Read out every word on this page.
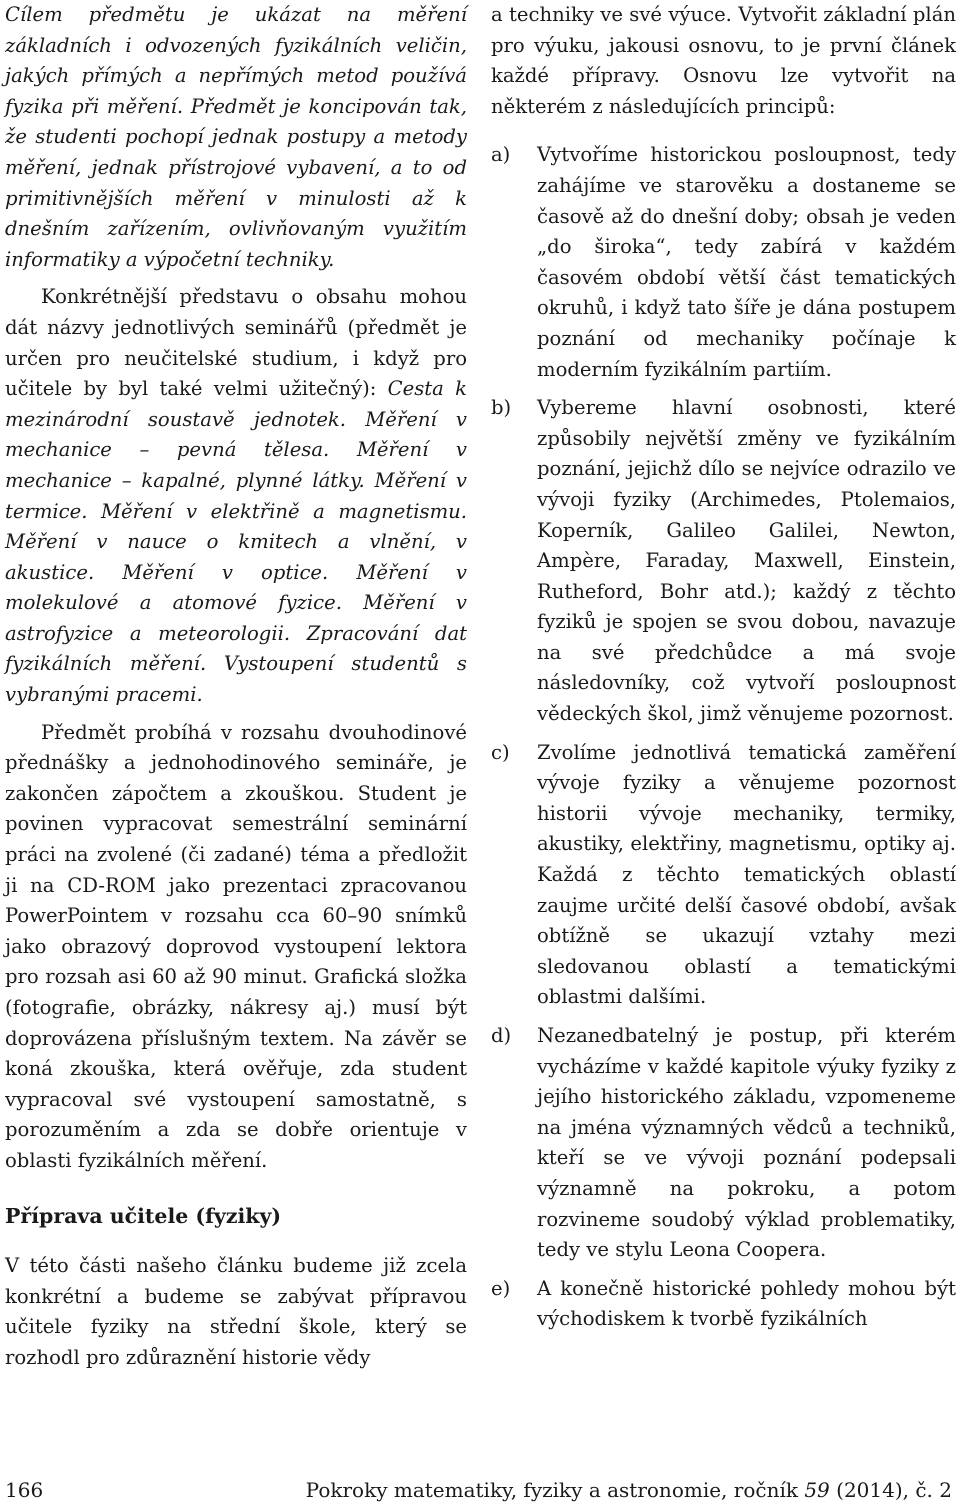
Cílem předmětu je ukázat na měření základních i odvozených fyzikálních veličin, jakých přímých a nepřímých metod používá fyzika při měření. Předmět je koncipován tak, že studenti pochopí jednak postupy a metody měření, jednak přístrojové vybavení, a to od primitivnějších měření v minulosti až k dnešním zařízením, ovlivňovaným využitím informatiky a výpočetní techniky.

Konkrétnější představu o obsahu mohou dát názvy jednotlivých seminářů (předmět je určen pro neučitelské studium, i když pro učitele by byl také velmi užitečný): Cesta k mezinárodní soustavě jednotek. Měření v mechanice – pevná tělesa. Měření v mechanice – kapalné, plynné látky. Měření v termice. Měření v elektřině a magnetismu. Měření v nauce o kmitech a vlnění, v akustice. Měření v optice. Měření v molekulové a atomové fyzice. Měření v astrofyzice a meteorologii. Zpracování dat fyzikálních měření. Vystoupení studentů s vybranými pracemi.

Předmět probíhá v rozsahu dvouhodinové přednášky a jednohodinového semináře, je zakončen zápočtem a zkouškou. Student je povinen vypracovat semestrální seminární práci na zvolené (či zadané) téma a předložit ji na CD-ROM jako prezentaci zpracovanou PowerPointem v rozsahu cca 60–90 snímků jako obrazový doprovod vystoupení lektora pro rozsah asi 60 až 90 minut. Grafická složka (fotografie, obrázky, nákresy aj.) musí být doprovázena příslušným textem. Na závěr se koná zkouška, která ověřuje, zda student vypracoval své vystoupení samostatně, s porozuměním a zda se dobře orientuje v oblasti fyzikálních měření.

Příprava učitele (fyziky)

V této části našeho článku budeme již zcela konkrétní a budeme se zabývat přípravou učitele fyziky na střední škole, který se rozhodl pro zdůraznění historie vědy

a techniky ve své výuce. Vytvořit základní plán pro výuku, jakousi osnovu, to je první článek každé přípravy. Osnovu lze vytvořit na některém z následujících principů:

a)	Vytvoříme historickou posloupnost, tedy zahájíme ve starověku a dostaneme se časově až do dnešní doby; obsah je veden „do široka“, tedy zabírá v každém časovém období větší část tematických okruhů, i když tato šíře je dána postupem poznání od mechaniky počínaje k moderním fyzikálním partiím.
b)	Vybereme hlavní osobnosti, které způsobily největší změny ve fyzikálním poznání, jejichž dílo se nejvíce odrazilo ve vývoji fyziky (Archimedes, Ptolemaios, Koperník, Galileo Galilei, Newton, Ampère, Faraday, Maxwell, Einstein, Rutheford, Bohr atd.); každý z těchto fyziků je spojen se svou dobou, navazuje na své předchůdce a má svoje následovníky, což vytvoří posloupnost vědeckých škol, jimž věnujeme pozornost.
c)	Zvolíme jednotlivá tematická zaměření vývoje fyziky a věnujeme pozornost historii vývoje mechaniky, termiky, akustiky, elektřiny, magnetismu, optiky aj. Každá z těchto tematických oblastí zaujme určité delší časové období, avšak obtížně se ukazují vztahy mezi sledovanou oblastí a tematickými oblastmi dalšími.
d)	Nezanedbatelný je postup, při kterém vycházíme v každé kapitole výuky fyziky z jejího historického základu, vzpomeneme na jména významných vědců a techniků, kteří se ve vývoji poznání podepsali významně na pokroku, a potom rozvineme soudobý výklad problematiky, tedy ve stylu Leona Coopera.
e)	A konečně historické pohledy mohou být východiskem k tvorbě fyzikálních
166	Pokroky matematiky, fyziky a astronomie, ročník 59 (2014), č. 2
